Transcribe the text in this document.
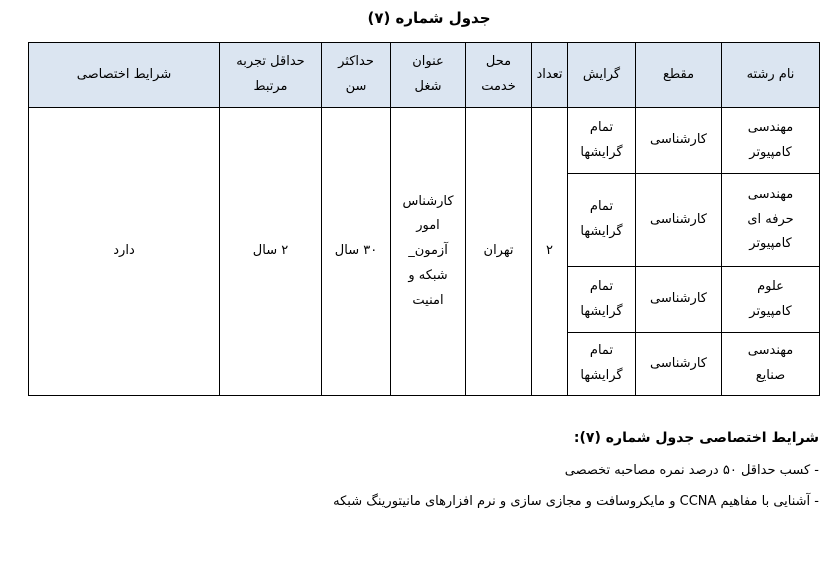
جدول شماره (۷)
نام رشته	مقطع	گرایش	تعداد	محل خدمت	عنوان شغل	حداکثر سن	حداقل تجربه مرتبط	شرایط اختصاصی
مهندسی کامپیوتر	کارشناسی	تمام گرایشها	۲	تهران	کارشناس امور آزمون_ شبکه و امنیت	۳۰ سال	۲ سال	دارد
مهندسی حرفه ای کامپیوتر	کارشناسی	تمام گرایشها						
علوم کامپیوتر	کارشناسی	تمام گرایشها						
مهندسی صنایع	کارشناسی	تمام گرایشها						
شرایط اختصاصی جدول شماره (۷):
- کسب حداقل ۵۰ درصد نمره مصاحبه تخصصی
- آشنایی با مفاهیم CCNA و مایکروسافت و مجازی سازی و نرم افزارهای مانیتورینگ شبکه
